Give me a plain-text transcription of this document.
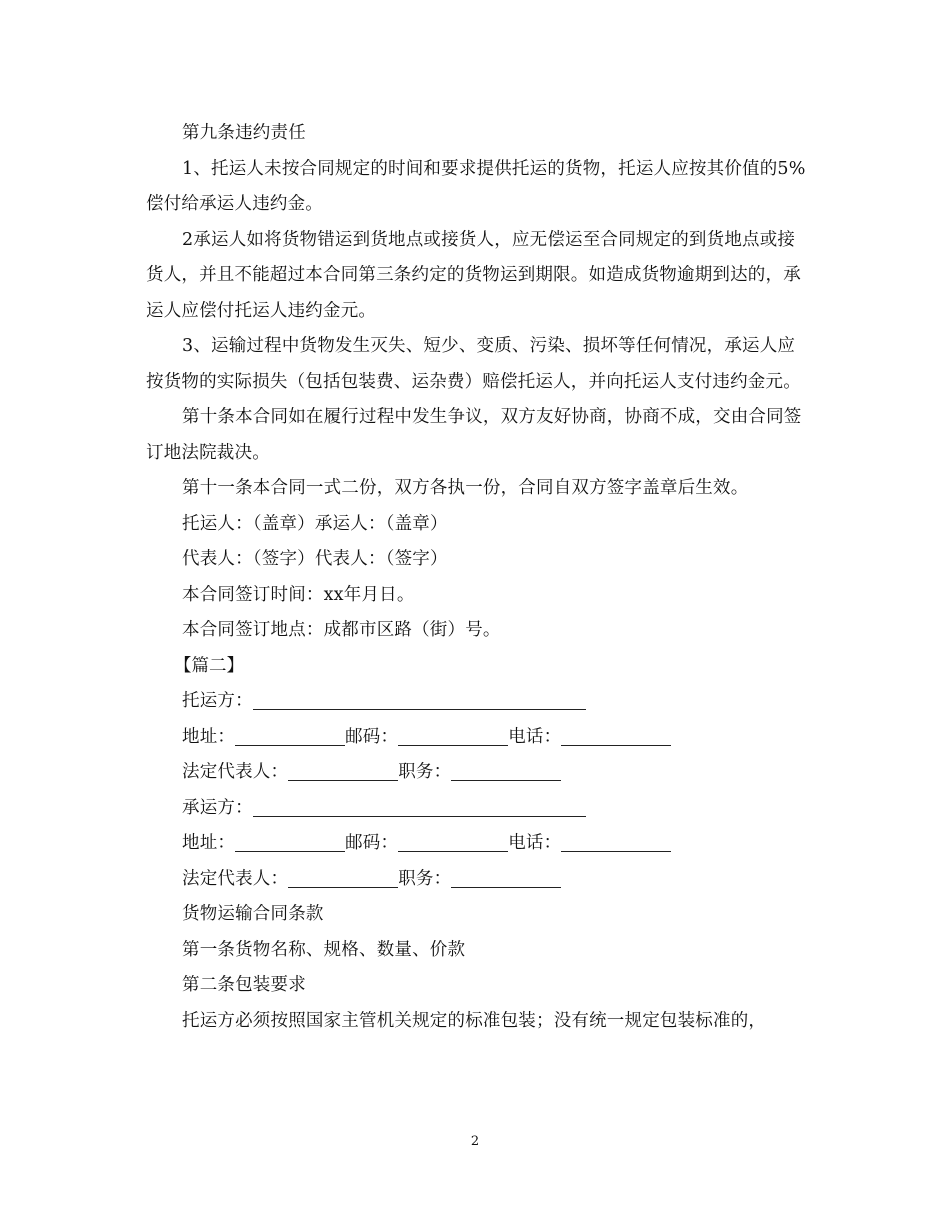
第九条违约责任

1、托运人未按合同规定的时间和要求提供托运的货物，托运人应按其价值的5%偿付给承运人违约金。

2承运人如将货物错运到货地点或接货人，应无偿运至合同规定的到货地点或接货人，并且不能超过本合同第三条约定的货物运到期限。如造成货物逾期到达的，承运人应偿付托运人违约金元。

3、运输过程中货物发生灭失、短少、变质、污染、损坏等任何情况，承运人应按货物的实际损失（包括包装费、运杂费）赔偿托运人，并向托运人支付违约金元。

第十条本合同如在履行过程中发生争议，双方友好协商，协商不成，交由合同签订地法院裁决。

第十一条本合同一式二份，双方各执一份，合同自双方签字盖章后生效。

托运人：（盖章）承运人：（盖章）

代表人：（签字）代表人：（签字）

本合同签订时间：xx年月日。

本合同签订地点：成都市区路（街）号。

【篇二】

托运方：

地址：	邮码：	电话：

法定代表人：	职务：

承运方：

地址：	邮码：	电话：

法定代表人：	职务：

货物运输合同条款

第一条货物名称、规格、数量、价款

第二条包装要求

托运方必须按照国家主管机关规定的标准包装；没有统一规定包装标准的，

2
